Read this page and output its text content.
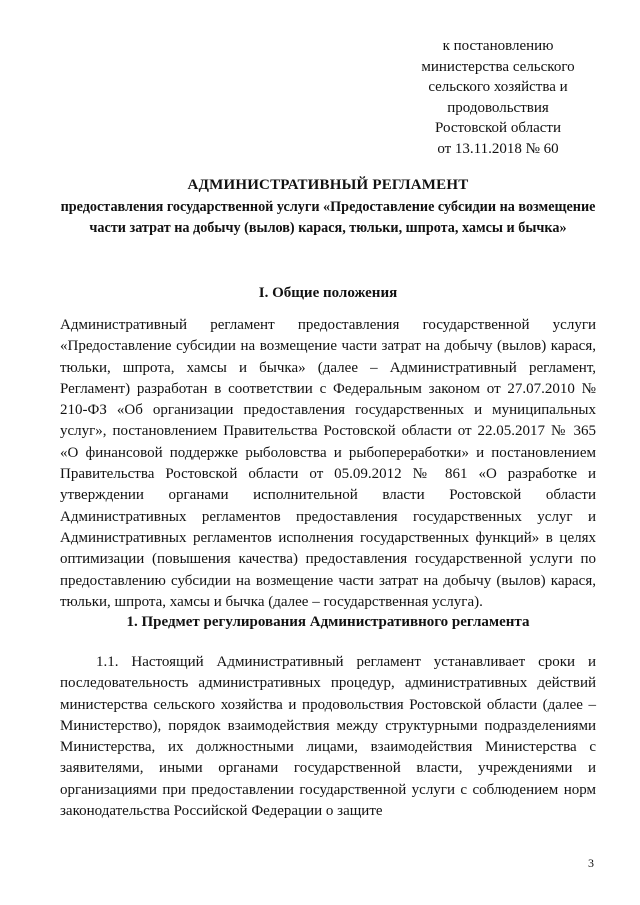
к постановлению
министерства сельского
сельского хозяйства и
продовольствия
Ростовской области
от 13.11.2018 № 60
АДМИНИСТРАТИВНЫЙ РЕГЛАМЕНТ
предоставления государственной услуги «Предоставление субсидии на возмещение части затрат на добычу (вылов) карася, тюльки, шпрота, хамсы и бычка»
I. Общие положения
Административный регламент предоставления государственной услуги «Предоставление субсидии на возмещение части затрат на добычу (вылов) карася, тюльки, шпрота, хамсы и бычка» (далее – Административный регламент, Регламент) разработан в соответствии с Федеральным законом от 27.07.2010 № 210-ФЗ «Об организации предоставления государственных и муниципальных услуг», постановлением Правительства Ростовской области от 22.05.2017 № 365 «О финансовой поддержке рыболовства и рыбопереработки» и постановлением Правительства Ростовской области от 05.09.2012 № 861 «О разработке и утверждении органами исполнительной власти Ростовской области Административных регламентов предоставления государственных услуг и Административных регламентов исполнения государственных функций» в целях оптимизации (повышения качества) предоставления государственной услуги по предоставлению субсидии на возмещение части затрат на добычу (вылов) карася, тюльки, шпрота, хамсы и бычка (далее – государственная услуга).
1. Предмет регулирования Административного регламента
1.1. Настоящий Административный регламент устанавливает сроки и последовательность административных процедур, административных действий министерства сельского хозяйства и продовольствия Ростовской области (далее – Министерство), порядок взаимодействия между структурными подразделениями Министерства, их должностными лицами, взаимодействия Министерства с заявителями, иными органами государственной власти, учреждениями и организациями при предоставлении государственной услуги с соблюдением норм законодательства Российской Федерации о защите
3
